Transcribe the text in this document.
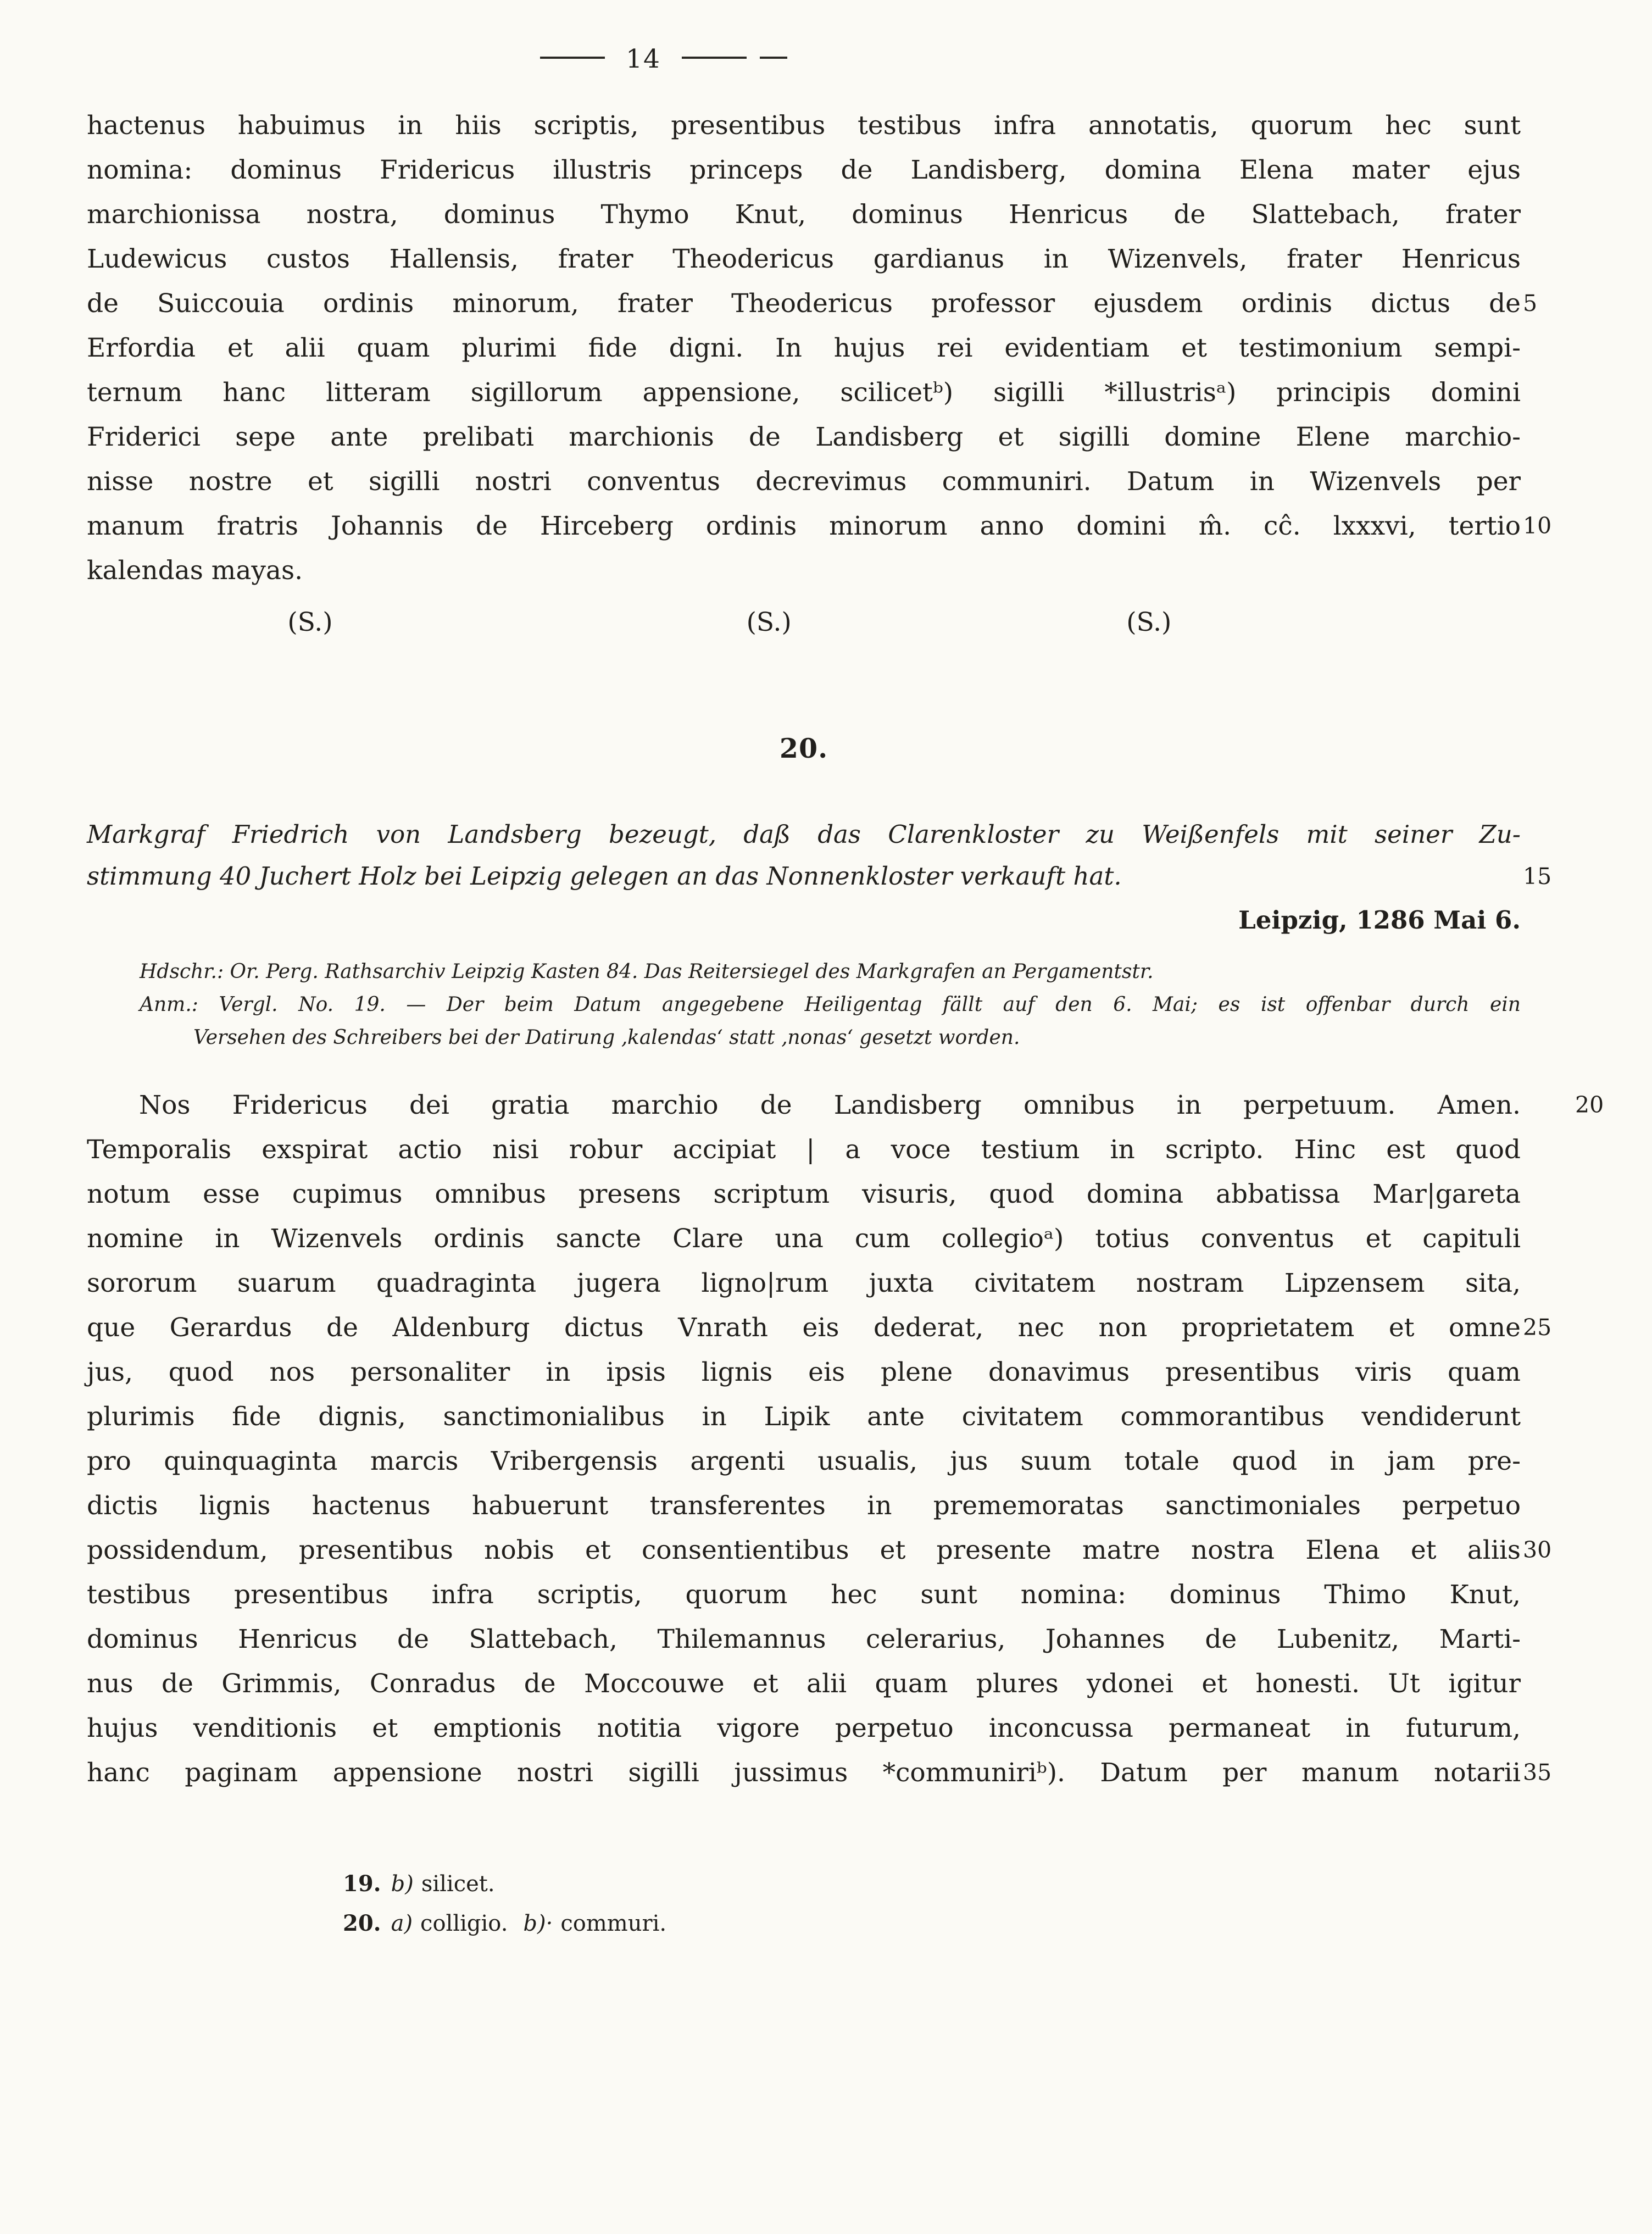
14
hactenus habuimus in hiis scriptis, presentibus testibus infra annotatis, quorum hec sunt
nomina: dominus Fridericus illustris princeps de Landisberg, domina Elena mater ejus
marchionissa nostra, dominus Thymo Knut, dominus Henricus de Slattebach, frater
Ludewicus custos Hallensis, frater Theodericus gardianus in Wizenvels, frater Henricus
de Suiccouia ordinis minorum, frater Theodericus professor ejusdem ordinis dictus de 5
Erfordia et alii quam plurimi fide digni. In hujus rei evidentiam et testimonium sempi-
ternum hanc litteram sigillorum appensione, scilicetᵇ) sigilli *illustrisᵃ) principis domini
Friderici sepe ante prelibati marchionis de Landisberg et sigilli domine Elene marchio-
nisse nostre et sigilli nostri conventus decrevimus communiri. Datum in Wizenvels per
manum fratris Johannis de Hirceberg ordinis minorum anno domini m̂. cĉ. lxxxvi, tertio 10
kalendas mayas.
(S.)	(S.)	(S.)
20.
Markgraf Friedrich von Landsberg bezeugt, daß das Clarenkloster zu Weißenfels mit seiner Zu-
stimmung 40 Juchert Holz bei Leipzig gelegen an das Nonnenkloster verkauft hat.	15
Leipzig, 1286 Mai 6.
Hdschr.: Or. Perg. Rathsarchiv Leipzig Kasten 84. Das Reitersiegel des Markgrafen an Pergamentstr.
Anm.: Vergl. No. 19. — Der beim Datum angegebene Heiligentag fällt auf den 6. Mai; es ist offenbar durch ein
Versehen des Schreibers bei der Datirung ‚kalendas‘ statt ‚nonas‘ gesetzt worden.
Nos Fridericus dei gratia marchio de Landisberg omnibus in perpetuum. Amen.	20
Temporalis exspirat actio nisi robur accipiat | a voce testium in scripto. Hinc est quod
notum esse cupimus omnibus presens scriptum visuris, quod domina abbatissa Mar|gareta
nomine in Wizenvels ordinis sancte Clare una cum collegioᵃ) totius conventus et capituli
sororum suarum quadraginta jugera ligno|rum juxta civitatem nostram Lipzensem sita,
que Gerardus de Aldenburg dictus Vnrath eis dederat, nec non proprietatem et omne 25
jus, quod nos personaliter in ipsis lignis eis plene donavimus presentibus viris quam
plurimis fide dignis, sanctimonialibus in Lipik ante civitatem commorantibus vendiderunt
pro quinquaginta marcis Vribergensis argenti usualis, jus suum totale quod in jam pre-
dictis lignis hactenus habuerunt transferentes in prememoratas sanctimoniales perpetuo
possidendum, presentibus nobis et consentientibus et presente matre nostra Elena et aliis 30
testibus presentibus infra scriptis, quorum hec sunt nomina: dominus Thimo Knut,
dominus Henricus de Slattebach, Thilemannus celerarius, Johannes de Lubenitz, Marti-
nus de Grimmis, Conradus de Moccouwe et alii quam plures ydonei et honesti. Ut igitur
hujus venditionis et emptionis notitia vigore perpetuo inconcussa permaneat in futurum,
hanc paginam appensione nostri sigilli jussimus *communiriᵇ). Datum per manum notarii 35
19. b) silicet.
20. a) colligio. b)· commuri.
